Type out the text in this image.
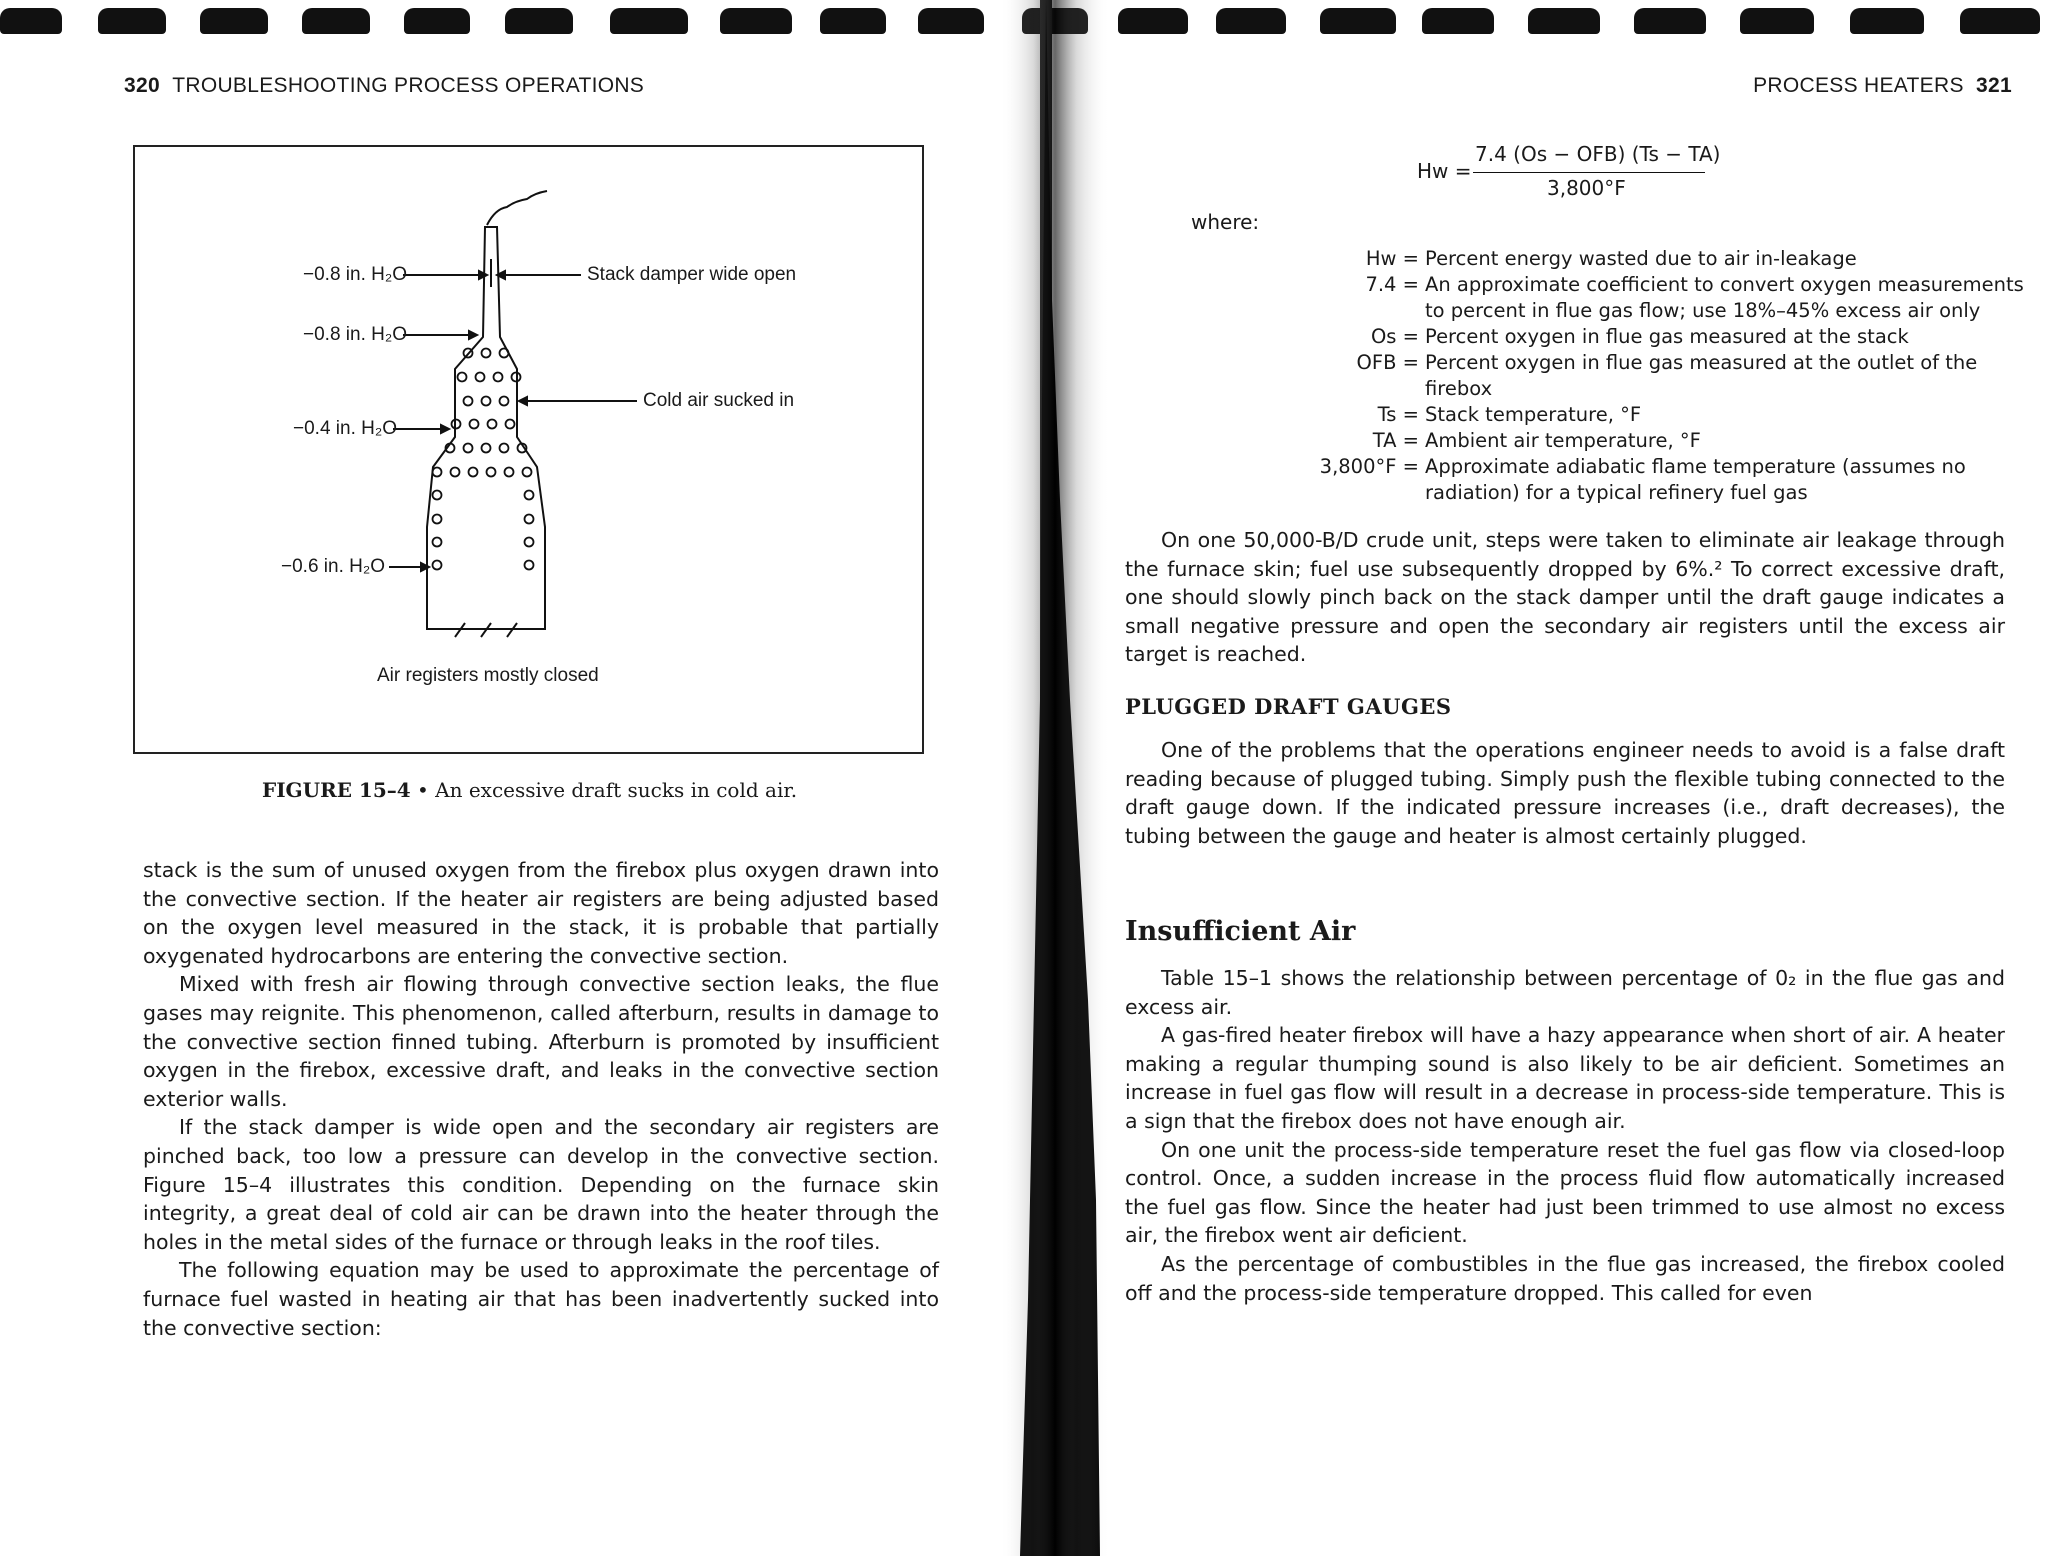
320 TROUBLESHOOTING PROCESS OPERATIONS
−0.8 in. H₂O	Stack damper wide open
−0.8 in. H₂O
Cold air sucked in
−0.4 in. H₂O
−0.6 in. H₂O
Air registers mostly closed
FIGURE 15–4 • An excessive draft sucks in cold air.

stack is the sum of unused oxygen from the firebox plus oxygen drawn into the convective section. If the heater air registers are being adjusted based on the oxygen level measured in the stack, it is probable that partially oxygenated hydrocarbons are entering the convective section.

Mixed with fresh air flowing through convective section leaks, the flue gases may reignite. This phenomenon, called afterburn, results in damage to the convective section finned tubing. Afterburn is promoted by insufficient oxygen in the firebox, excessive draft, and leaks in the convective section exterior walls.

If the stack damper is wide open and the secondary air registers are pinched back, too low a pressure can develop in the convective section. Figure 15–4 illustrates this condition. Depending on the furnace skin integrity, a great deal of cold air can be drawn into the heater through the holes in the metal sides of the furnace or through leaks in the roof tiles.

The following equation may be used to approximate the percentage of furnace fuel wasted in heating air that has been inadvertently sucked into the convective section:

PROCESS HEATERS 321
Hw =
7.4 (Os − OFB) (Ts − TA)
3,800°F
where:
Hw = Percent energy wasted due to air in-leakage
7.4 = An approximate coefficient to convert oxygen measurements
to percent in flue gas flow; use 18%–45% excess air only
Os = Percent oxygen in flue gas measured at the stack
OFB = Percent oxygen in flue gas measured at the outlet of the
firebox
Ts = Stack temperature, °F
TA = Ambient air temperature, °F
3,800°F = Approximate adiabatic flame temperature (assumes no
radiation) for a typical refinery fuel gas

On one 50,000-B/D crude unit, steps were taken to eliminate air leakage through the furnace skin; fuel use subsequently dropped by 6%.² To correct excessive draft, one should slowly pinch back on the stack damper until the draft gauge indicates a small negative pressure and open the secondary air registers until the excess air target is reached.

PLUGGED DRAFT GAUGES

One of the problems that the operations engineer needs to avoid is a false draft reading because of plugged tubing. Simply push the flexible tubing connected to the draft gauge down. If the indicated pressure increases (i.e., draft decreases), the tubing between the gauge and heater is almost certainly plugged.

Insufficient Air

Table 15–1 shows the relationship between percentage of 0₂ in the flue gas and excess air.

A gas-fired heater firebox will have a hazy appearance when short of air. A heater making a regular thumping sound is also likely to be air deficient. Sometimes an increase in fuel gas flow will result in a decrease in process-side temperature. This is a sign that the firebox does not have enough air.

On one unit the process-side temperature reset the fuel gas flow via closed-loop control. Once, a sudden increase in the process fluid flow automatically increased the fuel gas flow. Since the heater had just been trimmed to use almost no excess air, the firebox went air deficient.

As the percentage of combustibles in the flue gas increased, the firebox cooled off and the process-side temperature dropped. This called for even
